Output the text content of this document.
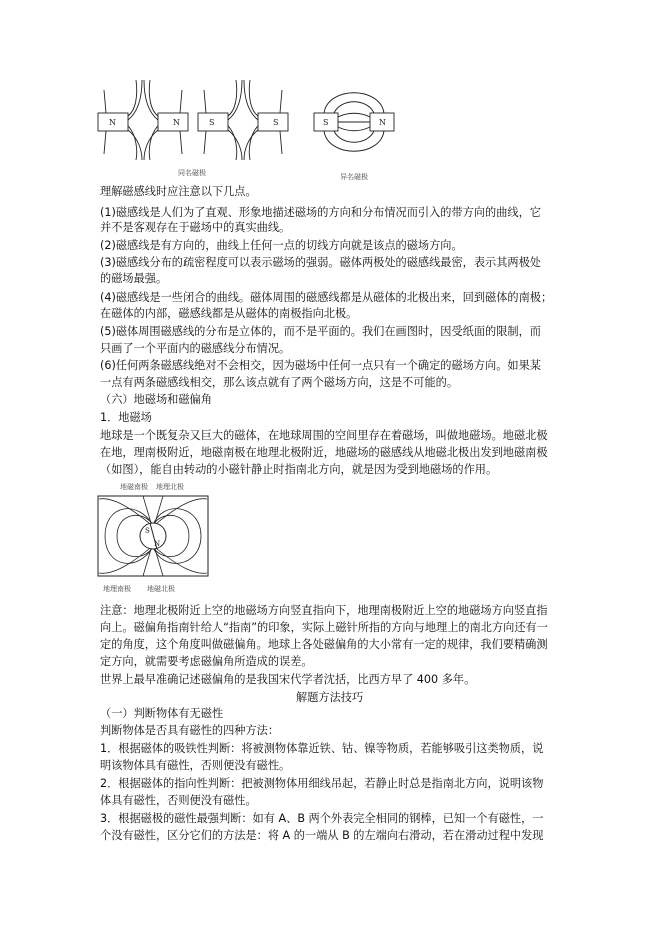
N	N	S	S	S	N
同名磁极	异名磁极
理解磁感线时应注意以下几点。
(1)磁感线是人们为了直观、形象地描述磁场的方向和分布情况而引入的带方向的曲线，它
并不是客观存在于磁场中的真实曲线。
(2)磁感线是有方向的，曲线上任何一点的切线方向就是该点的磁场方向。
(3)磁感线分布的疏密程度可以表示磁场的强弱。磁体两极处的磁感线最密，表示其两极处
的磁场最强。
(4)磁感线是一些闭合的曲线。磁体周围的磁感线都是从磁体的北极出来，回到磁体的南极；
在磁体的内部，磁感线都是从磁体的南极指向北极。
(5)磁体周围磁感线的分布是立体的，而不是平面的。我们在画图时，因受纸面的限制，而
只画了一个平面内的磁感线分布情况。
(6)任何两条磁感线绝对不会相交，因为磁场中任何一点只有一个确定的磁场方向。如果某
一点有两条磁感线相交，那么该点就有了两个磁场方向，这是不可能的。
（六）地磁场和磁偏角
1．地磁场
地球是一个既复杂又巨大的磁体，在地球周围的空间里存在着磁场，叫做地磁场。地磁北极
在地，理南极附近，地磁南极在地理北极附近，地磁场的磁感线从地磁北极出发到地磁南极
（如图），能自由转动的小磁针静止时指南北方向，就是因为受到地磁场的作用。
地磁南极 地理北极
S
N
地理南极 地磁北极
注意：地理北极附近上空的地磁场方向竖直指向下，地理南极附近上空的地磁场方向竖直指
向上。磁偏角指南针给人“指南”的印象，实际上磁针所指的方向与地理上的南北方向还有一
定的角度，这个角度叫做磁偏角。地球上各处磁偏角的大小常有一定的规律，我们要精确测
定方向，就需要考虑磁偏角所造成的误差。
世界上最早准确记述磁偏角的是我国宋代学者沈括，比西方早了 400 多年。
解题方法技巧
（一）判断物体有无磁性
判断物体是否具有磁性的四种方法：
1．根据磁体的吸铁性判断：将被测物体靠近铁、钴、镍等物质，若能够吸引这类物质，说
明该物体具有磁性，否则便没有磁性。
2．根据磁体的指向性判断：把被测物体用细线吊起，若静止时总是指南北方向，说明该物
体具有磁性，否则便没有磁性。
3．根据磁极的磁性最强判断：如有 A、B 两个外表完全相同的钢棒，已知一个有磁性，一
个没有磁性，区分它们的方法是：将 A 的一端从 B 的左端向右滑动，若在滑动过程中发现
